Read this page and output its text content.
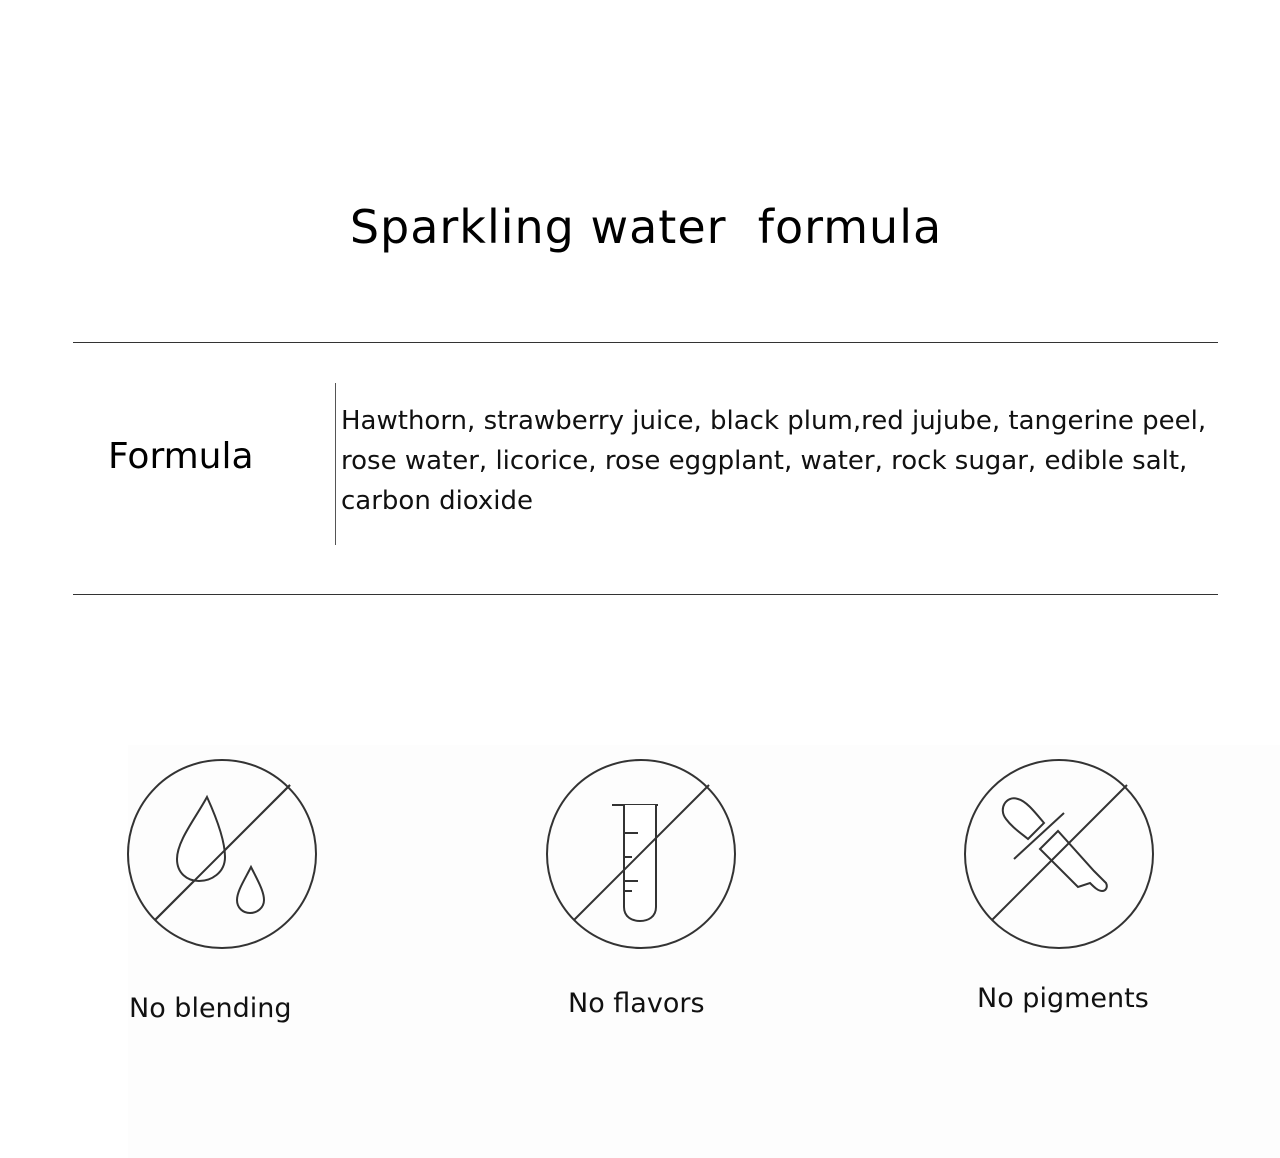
Sparkling water  formula
Formula
Hawthorn, strawberry juice, black plum,red jujube, tangerine peel,
rose water, licorice, rose eggplant, water, rock sugar, edible salt,
carbon dioxide
No blending	No flavors	No pigments
